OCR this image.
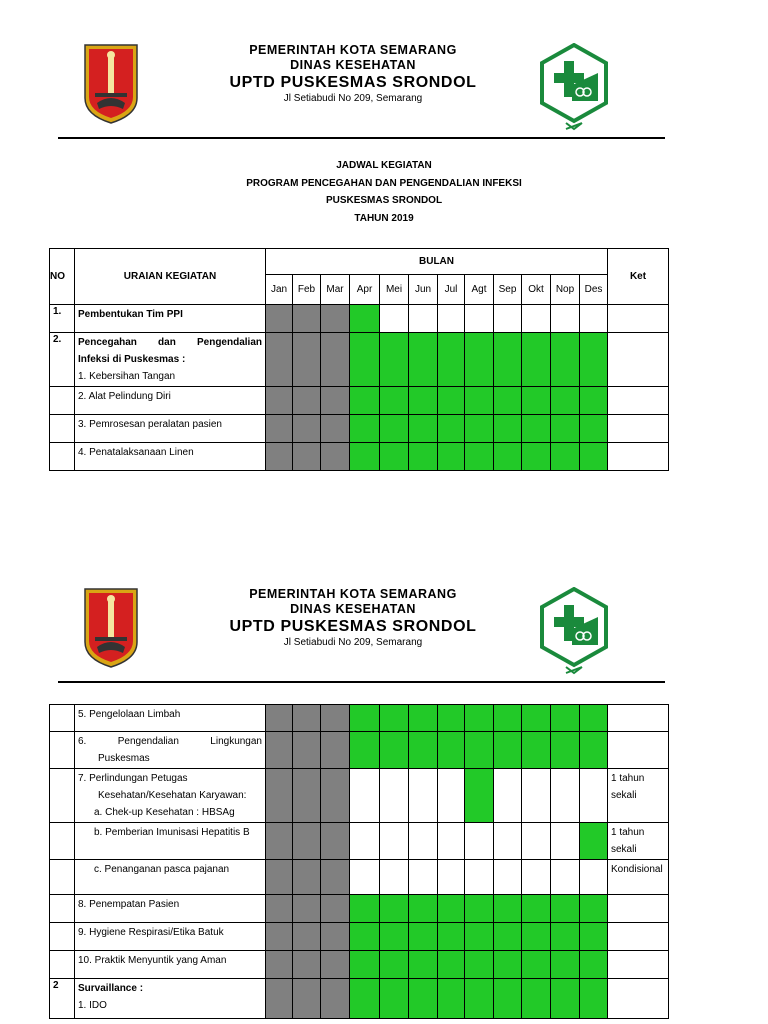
PEMERINTAH KOTA SEMARANG
DINAS KESEHATAN
UPTD PUSKESMAS SRONDOL
Jl Setiabudi No 209, Semarang
JADWAL KEGIATAN
PROGRAM PENCEGAHAN DAN PENGENDALIAN INFEKSI
PUSKESMAS SRONDOL
TAHUN 2019
NO	URAIAN KEGIATAN	BULAN												Ket
		Jan	Feb	Mar	Apr	Mei	Jun	Jul	Agt	Sep	Okt	Nop	Des	
1.	Pembentukan Tim PPI													

2.	Pencegahan dan Pengendalian
Infeksi di Puskesmas :
1. Kebersihan Tangan													

	2. Alat Pelindung Diri													

	3. Pemrosesan peralatan pasien													

	4. Penatalaksanaan Linen													

PEMERINTAH KOTA SEMARANG
DINAS KESEHATAN
UPTD PUSKESMAS SRONDOL
Jl Setiabudi No 209, Semarang

	5. Pengelolaan Limbah													

	6. Pengendalian Lingkungan
Puskesmas													

	7. Perlindungan Petugas
Kesehatan/Kesehatan Karyawan:
a. Chek-up Kesehatan : HBSAg													1 tahun sekali

	b. Pemberian Imunisasi Hepatitis B													1 tahun sekali

	c. Penanganan pasca pajanan													Kondisional

	8. Penempatan Pasien													

	9. Hygiene Respirasi/Etika Batuk													

	10. Praktik Menyuntik yang Aman													

2	Survaillance :
1. IDO													
